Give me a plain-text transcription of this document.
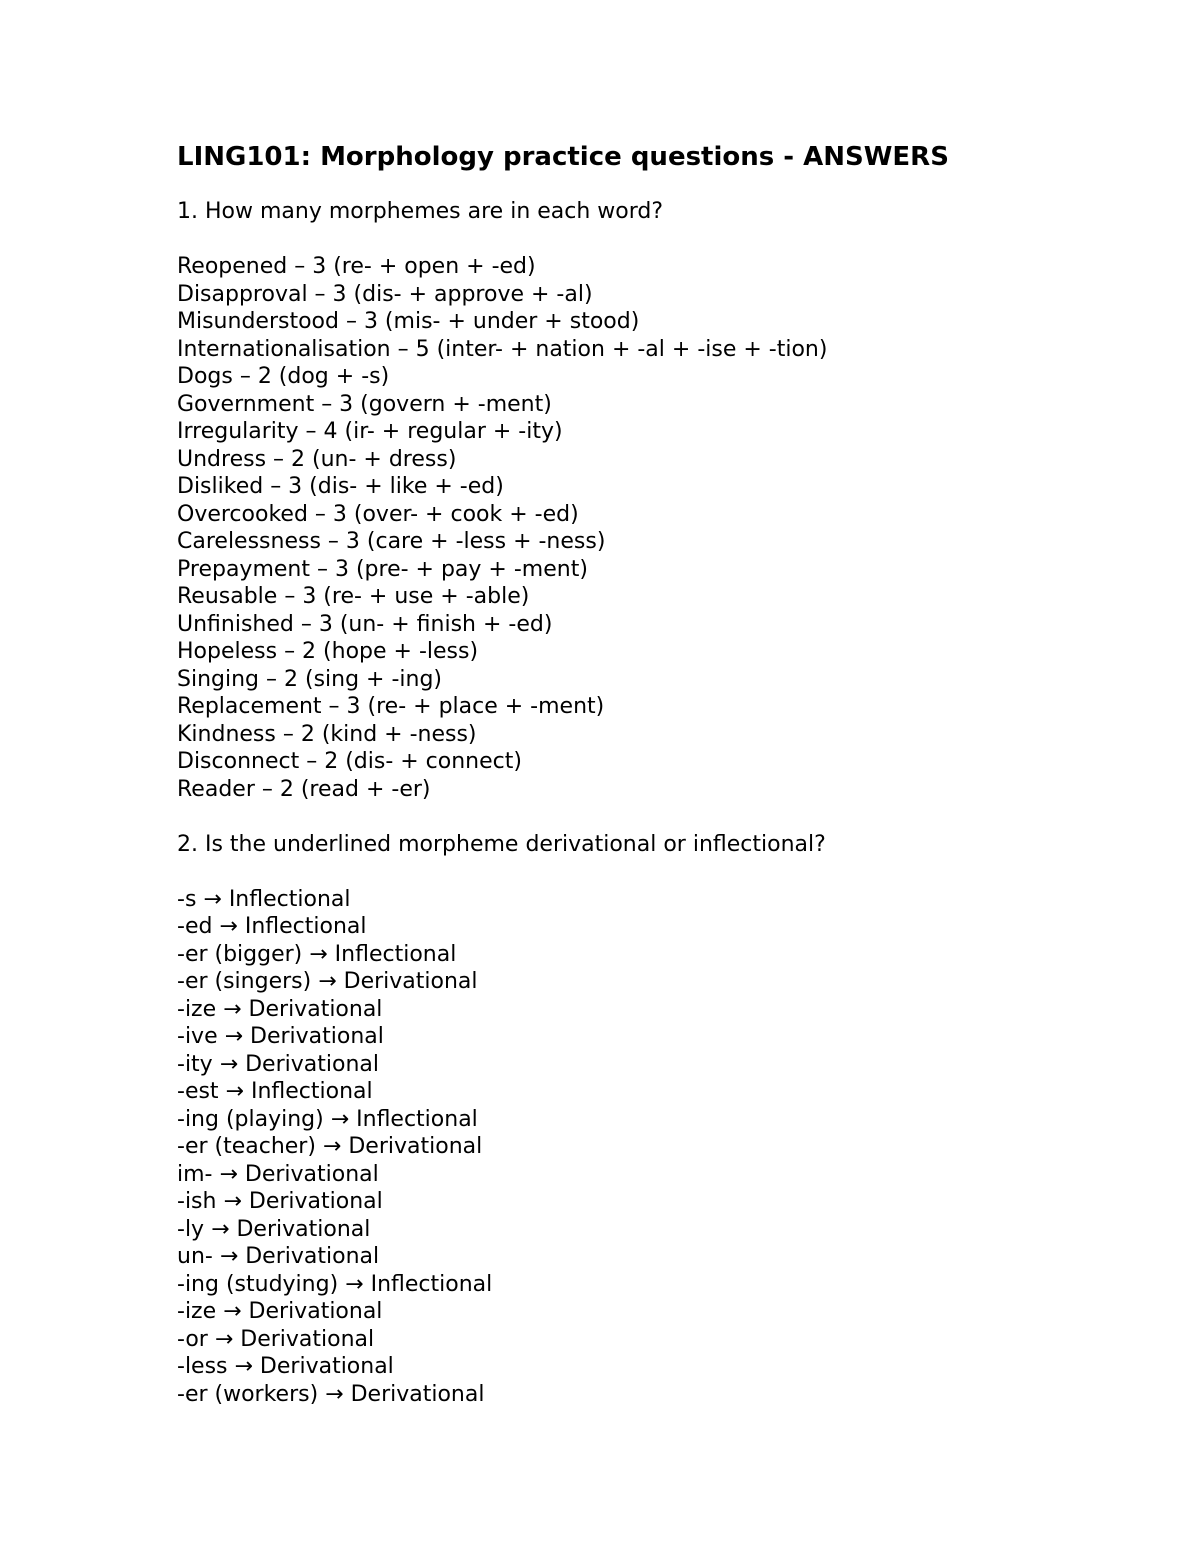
LING101: Morphology practice questions - ANSWERS

1. How many morphemes are in each word?

Reopened – 3 (re- + open + -ed)
Disapproval – 3 (dis- + approve + -al)
Misunderstood – 3 (mis- + under + stood)
Internationalisation – 5 (inter- + nation + -al + -ise + -tion)
Dogs – 2 (dog + -s)
Government – 3 (govern + -ment)
Irregularity – 4 (ir- + regular + -ity)
Undress – 2 (un- + dress)
Disliked – 3 (dis- + like + -ed)
Overcooked – 3 (over- + cook + -ed)
Carelessness – 3 (care + -less + -ness)
Prepayment – 3 (pre- + pay + -ment)
Reusable – 3 (re- + use + -able)
Unfinished – 3 (un- + finish + -ed)
Hopeless – 2 (hope + -less)
Singing – 2 (sing + -ing)
Replacement – 3 (re- + place + -ment)
Kindness – 2 (kind + -ness)
Disconnect – 2 (dis- + connect)
Reader – 2 (read + -er)

2. Is the underlined morpheme derivational or inflectional?

-s → Inflectional
-ed → Inflectional
-er (bigger) → Inflectional
-er (singers) → Derivational
-ize → Derivational
-ive → Derivational
-ity → Derivational
-est → Inflectional
-ing (playing) → Inflectional
-er (teacher) → Derivational
im- → Derivational
-ish → Derivational
-ly → Derivational
un- → Derivational
-ing (studying) → Inflectional
-ize → Derivational
-or → Derivational
-less → Derivational
-er (workers) → Derivational
